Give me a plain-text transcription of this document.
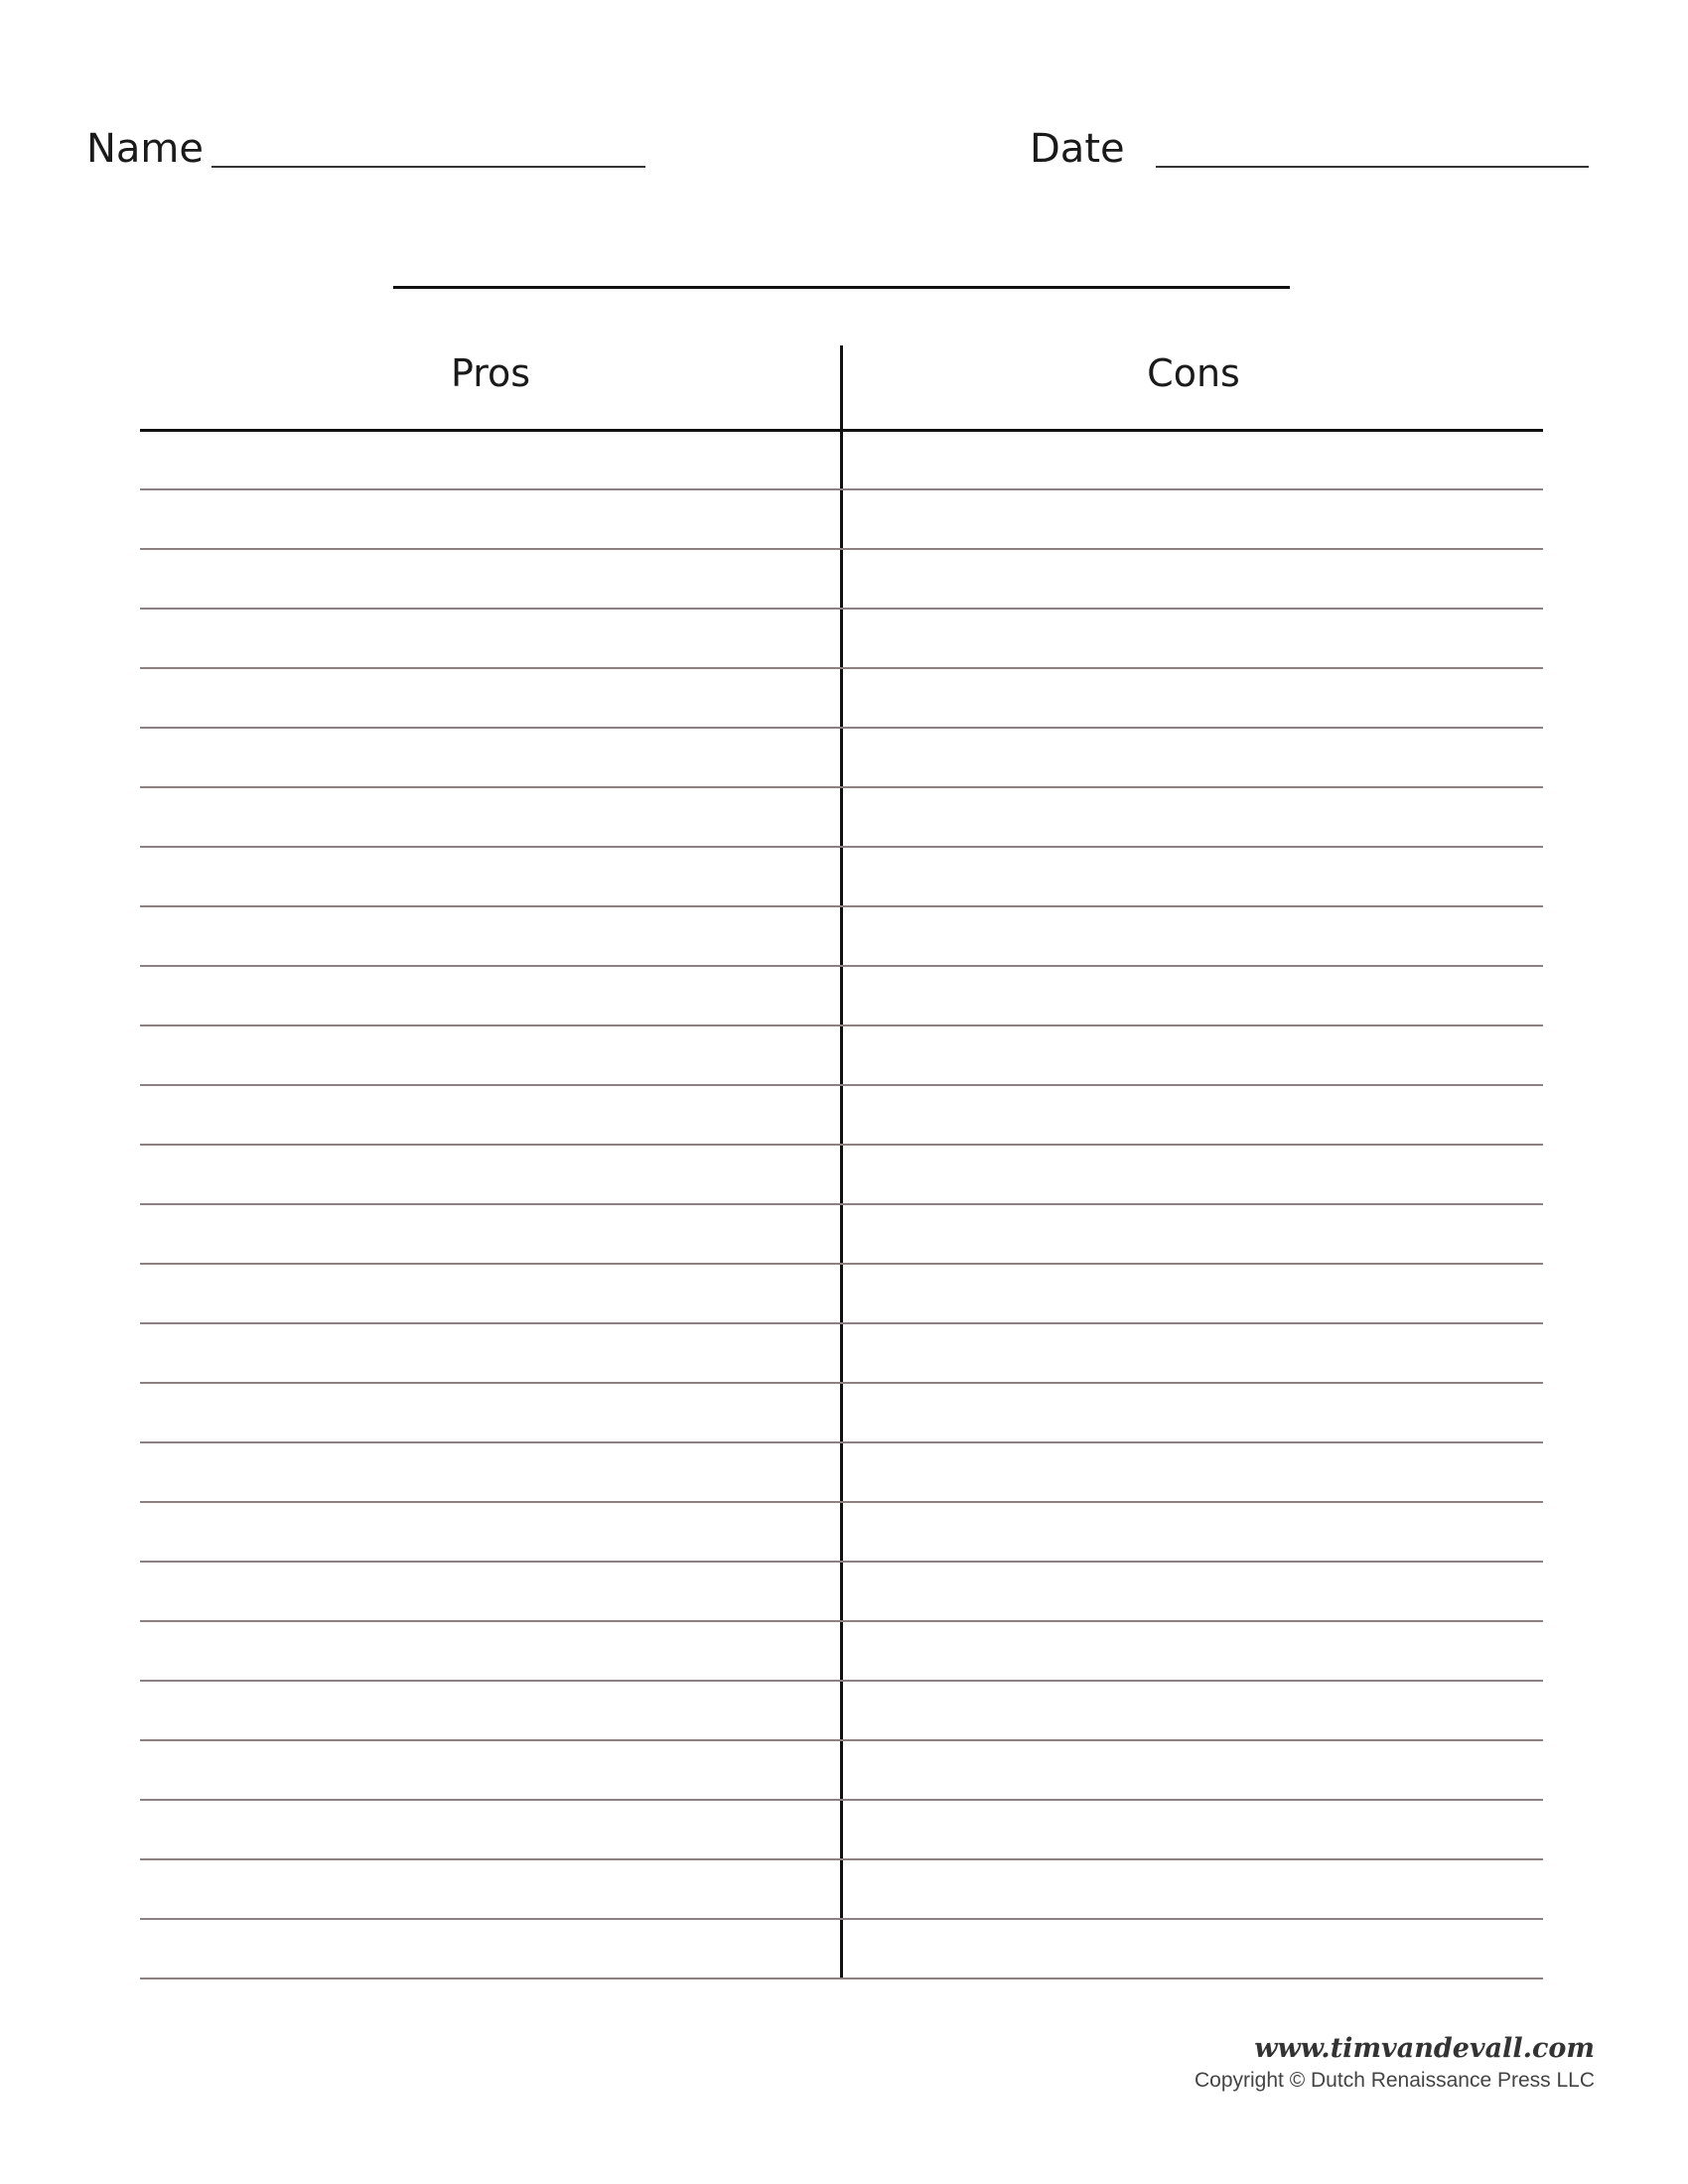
Name	Date
Pros	Cons
www.timvandevall.com
Copyright © Dutch Renaissance Press LLC
